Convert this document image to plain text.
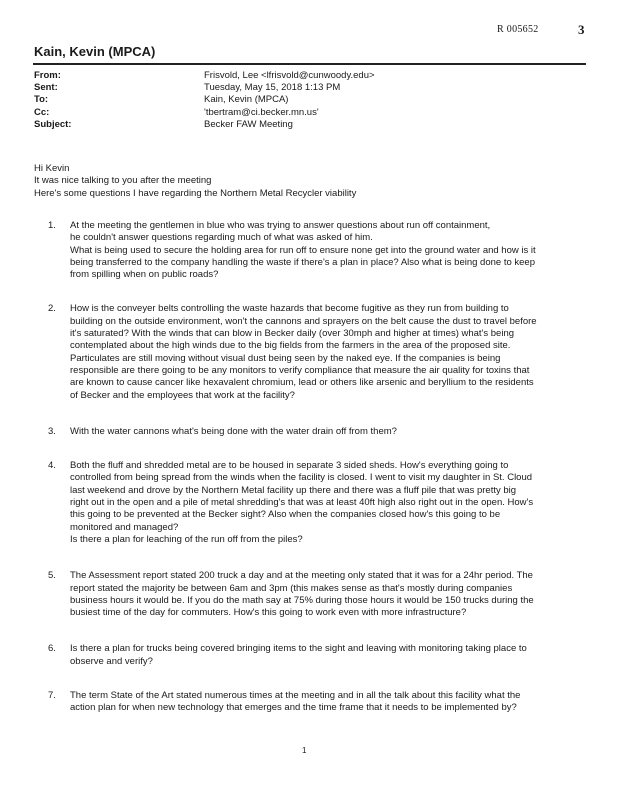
R 005652	3
Kain, Kevin (MPCA)
From:	Frisvold, Lee <lfrisvold@cunwoody.edu>
Sent:	Tuesday, May 15, 2018 1:13 PM
To:	Kain, Kevin (MPCA)
Cc:	'tbertram@ci.becker.mn.us'
Subject:	Becker FAW Meeting
Hi Kevin
It was nice talking to you after the meeting
Here's some questions I have regarding the Northern Metal Recycler viability
1.	At the meeting the gentlemen in blue who was trying to answer questions about run off containment,
he couldn't answer questions regarding much of what was asked of him.
What is being used to secure the holding area for run off to ensure none get into the ground water and how is it
being transferred to the company handling the waste if there's a plan in place? Also what is being done to keep
from spilling when on public roads?
2.	How is the conveyer belts controlling the waste hazards that become fugitive as they run from building to
building on the outside environment, won't the cannons and sprayers on the belt cause the dust to travel before
it's saturated? With the winds that can blow in Becker daily (over 30mph and higher at times) what's being
contemplated about the high winds due to the big fields from the farmers in the area of the proposed site.
Particulates are still moving without visual dust being seen by the naked eye. If the companies is being
responsible are there going to be any monitors to verify compliance that measure the air quality for toxins that
are known to cause cancer like hexavalent chromium, lead or others like arsenic and beryllium to the residents
of Becker and the employees that work at the facility?
3.	With the water cannons what's being done with the water drain off from them?
4.	Both the fluff and shredded metal are to be housed in separate 3 sided sheds. How's everything going to
controlled from being spread from the winds when the facility is closed. I went to visit my daughter in St. Cloud
last weekend and drove by the Northern Metal facility up there and there was a fluff pile that was pretty big
right out in the open and a pile of metal shredding's that was at least 40ft high also right out in the open. How's
this going to be prevented at the Becker sight? Also when the companies closed how's this going to be
monitored and managed?
Is there a plan for leaching of the run off from the piles?
5.	The Assessment report stated 200 truck a day and at the meeting only stated that it was for a 24hr period. The
report stated the majority be between 6am and 3pm (this makes sense as that's mostly during companies
business hours it would be. If you do the math say at 75% during those hours it would be 150 trucks during the
busiest time of the day for commuters. How's this going to work even with more infrastructure?
6.	Is there a plan for trucks being covered bringing items to the sight and leaving with monitoring taking place to
observe and verify?
7.	The term State of the Art stated numerous times at the meeting and in all the talk about this facility what the
action plan for when new technology that emerges and the time frame that it needs to be implemented by?
1
